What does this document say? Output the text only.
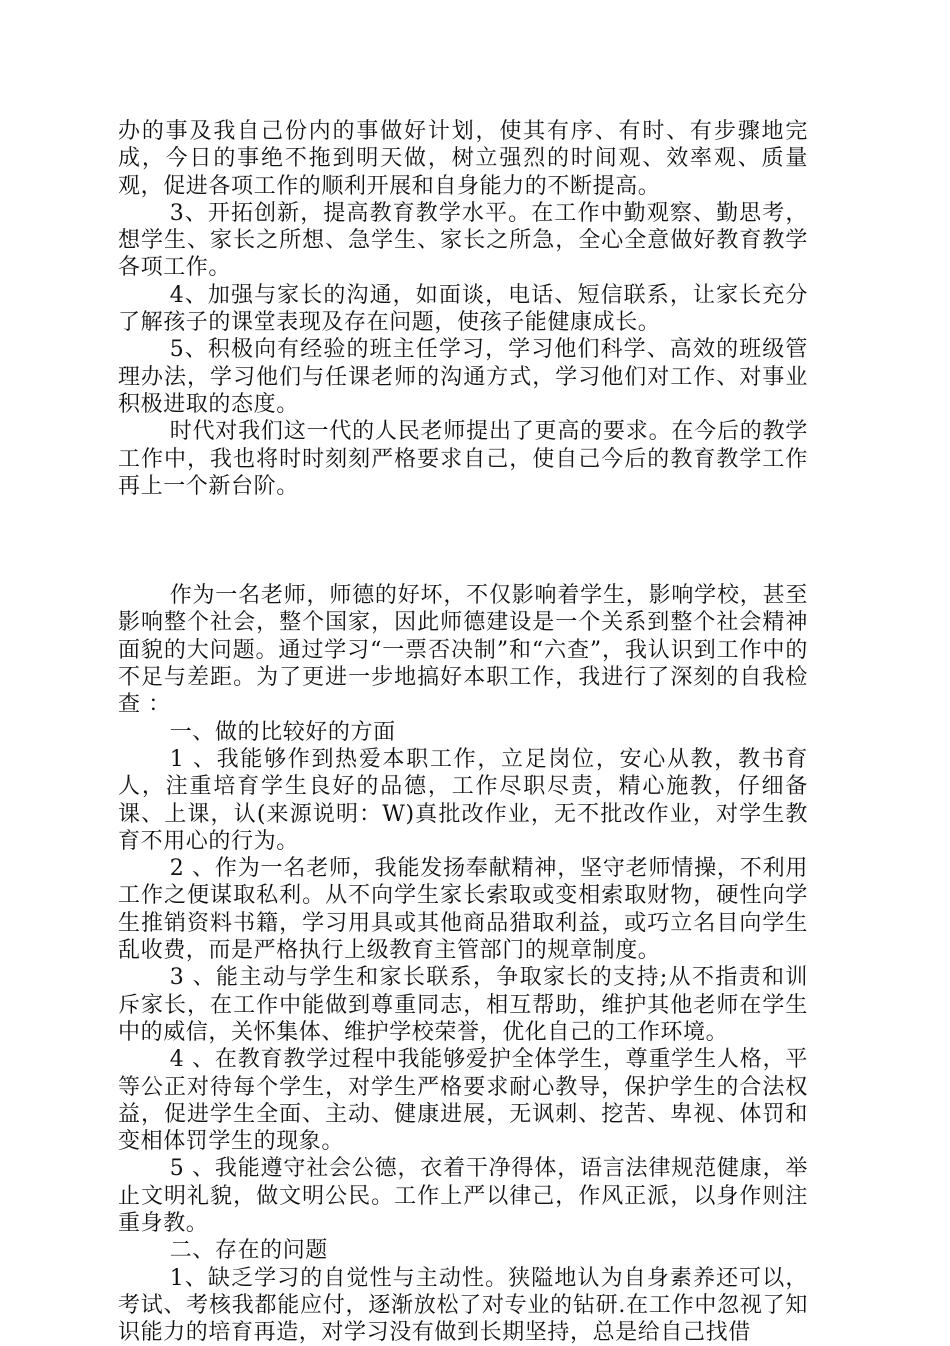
办的事及我自己份内的事做好计划，使其有序、有时、有步骤地完成，今日的事绝不拖到明天做，树立强烈的时间观、效率观、质量观，促进各项工作的顺利开展和自身能力的不断提高。

3、开拓创新，提高教育教学水平。在工作中勤观察、勤思考，想学生、家长之所想、急学生、家长之所急，全心全意做好教育教学各项工作。

4、加强与家长的沟通，如面谈，电话、短信联系，让家长充分了解孩子的课堂表现及存在问题，使孩子能健康成长。

5、积极向有经验的班主任学习，学习他们科学、高效的班级管理办法，学习他们与任课老师的沟通方式，学习他们对工作、对事业积极进取的态度。

时代对我们这一代的人民老师提出了更高的要求。在今后的教学工作中，我也将时时刻刻严格要求自己，使自己今后的教育教学工作再上一个新台阶。

作为一名老师，师德的好坏，不仅影响着学生，影响学校，甚至影响整个社会，整个国家，因此师德建设是一个关系到整个社会精神面貌的大问题。通过学习“一票否决制”和“六查”，我认识到工作中的不足与差距。为了更进一步地搞好本职工作，我进行了深刻的自我检查 ：

一、做的比较好的方面

1 、我能够作到热爱本职工作，立足岗位，安心从教，教书育人，注重培育学生良好的品德，工作尽职尽责，精心施教，仔细备课、上课，认(来源说明：W)真批改作业，无不批改作业，对学生教育不用心的行为。

2 、作为一名老师，我能发扬奉献精神，坚守老师情操，不利用工作之便谋取私利。从不向学生家长索取或变相索取财物，硬性向学生推销资料书籍，学习用具或其他商品猎取利益，或巧立名目向学生乱收费，而是严格执行上级教育主管部门的规章制度。

3 、能主动与学生和家长联系，争取家长的支持;从不指责和训斥家长，在工作中能做到尊重同志，相互帮助，维护其他老师在学生中的威信，关怀集体、维护学校荣誉，优化自己的工作环境。

4 、在教育教学过程中我能够爱护全体学生，尊重学生人格，平等公正对待每个学生，对学生严格要求耐心教导，保护学生的合法权益，促进学生全面、主动、健康进展，无讽刺、挖苦、卑视、体罚和变相体罚学生的现象。

5 、我能遵守社会公德，衣着干净得体，语言法律规范健康，举止文明礼貌，做文明公民。工作上严以律己，作风正派，以身作则注重身教。

二、存在的问题

1、缺乏学习的自觉性与主动性。狭隘地认为自身素养还可以，考试、考核我都能应付，逐渐放松了对专业的钻研.在工作中忽视了知识能力的培育再造，对学习没有做到长期坚持，总是给自己找借
